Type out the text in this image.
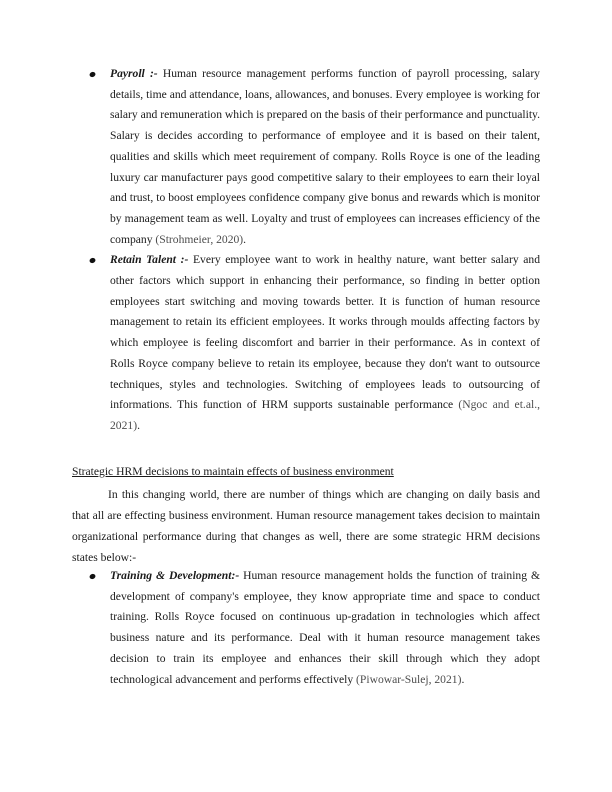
Payroll :- Human resource management performs function of payroll processing, salary details, time and attendance, loans, allowances, and bonuses. Every employee is working for salary and remuneration which is prepared on the basis of their performance and punctuality. Salary is decides according to performance of employee and it is based on their talent, qualities and skills which meet requirement of company. Rolls Royce is one of the leading luxury car manufacturer pays good competitive salary to their employees to earn their loyal and trust, to boost employees confidence company give bonus and rewards which is monitor by management team as well. Loyalty and trust of employees can increases efficiency of the company (Strohmeier, 2020).
Retain Talent :- Every employee want to work in healthy nature, want better salary and other factors which support in enhancing their performance, so finding in better option employees start switching and moving towards better. It is function of human resource management to retain its efficient employees. It works through moulds affecting factors by which employee is feeling discomfort and barrier in their performance. As in context of Rolls Royce company believe to retain its employee, because they don't want to outsource techniques, styles and technologies. Switching of employees leads to outsourcing of informations. This function of HRM supports sustainable performance (Ngoc and et.al., 2021).
Strategic HRM decisions to maintain effects of business environment

In this changing world, there are number of things which are changing on daily basis and that all are effecting business environment. Human resource management takes decision to maintain organizational performance during that changes as well, there are some strategic HRM decisions states below:-

Training & Development:- Human resource management holds the function of training & development of company's employee, they know appropriate time and space to conduct training. Rolls Royce focused on continuous up-gradation in technologies which affect business nature and its performance. Deal with it human resource management takes decision to train its employee and enhances their skill through which they adopt technological advancement and performs effectively (Piwowar-Sulej, 2021).
